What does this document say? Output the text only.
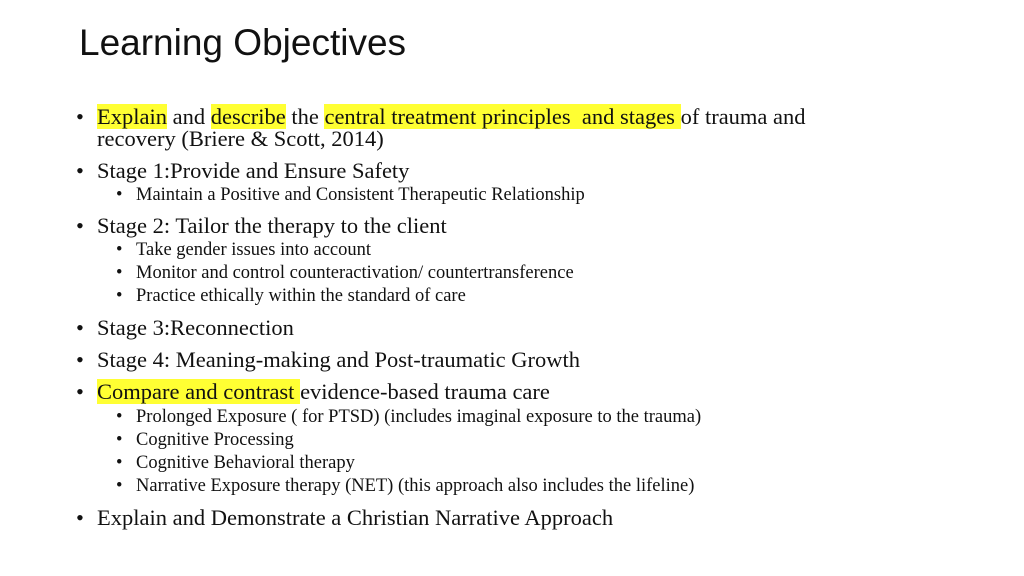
Learning Objectives
• Explain and describe the central treatment principles  and stages of trauma and

recovery (Briere & Scott, 2014)

• Stage 1:Provide and Ensure Safety

• Maintain a Positive and Consistent Therapeutic Relationship

• Stage 2: Tailor the therapy to the client

• Take gender issues into account

• Monitor and control counteractivation/ countertransference

• Practice ethically within the standard of care

• Stage 3:Reconnection

• Stage 4: Meaning-making and Post-traumatic Growth

• Compare and contrast evidence-based trauma care

• Prolonged Exposure ( for PTSD) (includes imaginal exposure to the trauma)

• Cognitive Processing

• Cognitive Behavioral therapy

• Narrative Exposure therapy (NET) (this approach also includes the lifeline)

• Explain and Demonstrate a Christian Narrative Approach
